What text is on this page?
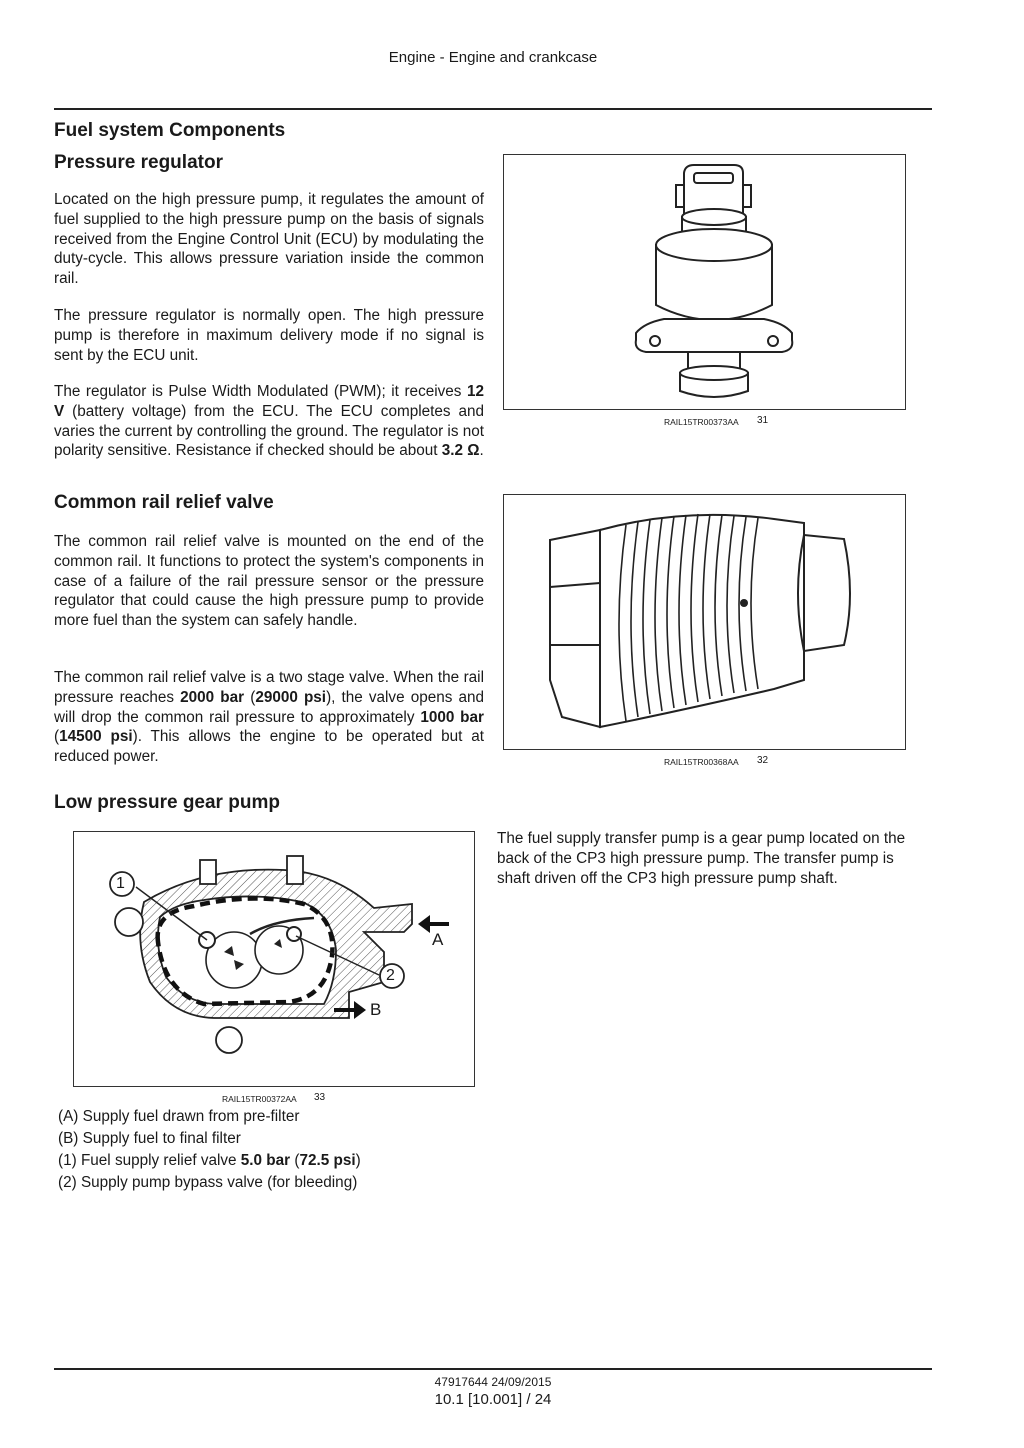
Engine - Engine and crankcase
Fuel system Components
Pressure regulator
Located on the high pressure pump, it regulates the amount of fuel supplied to the high pressure pump on the basis of signals received from the Engine Control Unit (ECU) by modulating the duty-cycle. This allows pressure variation inside the common rail.
The pressure regulator is normally open. The high pressure pump is therefore in maximum delivery mode if no signal is sent by the ECU unit.
The regulator is Pulse Width Modulated (PWM); it receives 12 V (battery voltage) from the ECU. The ECU completes and varies the current by controlling the ground. The regulator is not polarity sensitive. Resistance if checked should be about 3.2 Ω.
RAIL15TR00373AA 31
Common rail relief valve
The common rail relief valve is mounted on the end of the common rail. It functions to protect the system's components in case of a failure of the rail pressure sensor or the pressure regulator that could cause the high pressure pump to provide more fuel than the system can safely handle.
The common rail relief valve is a two stage valve. When the rail pressure reaches 2000 bar (29000 psi), the valve opens and will drop the common rail pressure to approximately 1000 bar (14500 psi). This allows the engine to be operated but at reduced power.	RAIL15TR00368AA 32
Low pressure gear pump
1
2
A
B
RAIL15TR00372AA 33
(A) Supply fuel drawn from pre-filter
(B) Supply fuel to final filter
(1) Fuel supply relief valve 5.0 bar (72.5 psi)
(2) Supply pump bypass valve (for bleeding)
The fuel supply transfer pump is a gear pump located on the back of the CP3 high pressure pump. The transfer pump is shaft driven off the CP3 high pressure pump shaft.
47917644 24/09/2015
10.1 [10.001] / 24
